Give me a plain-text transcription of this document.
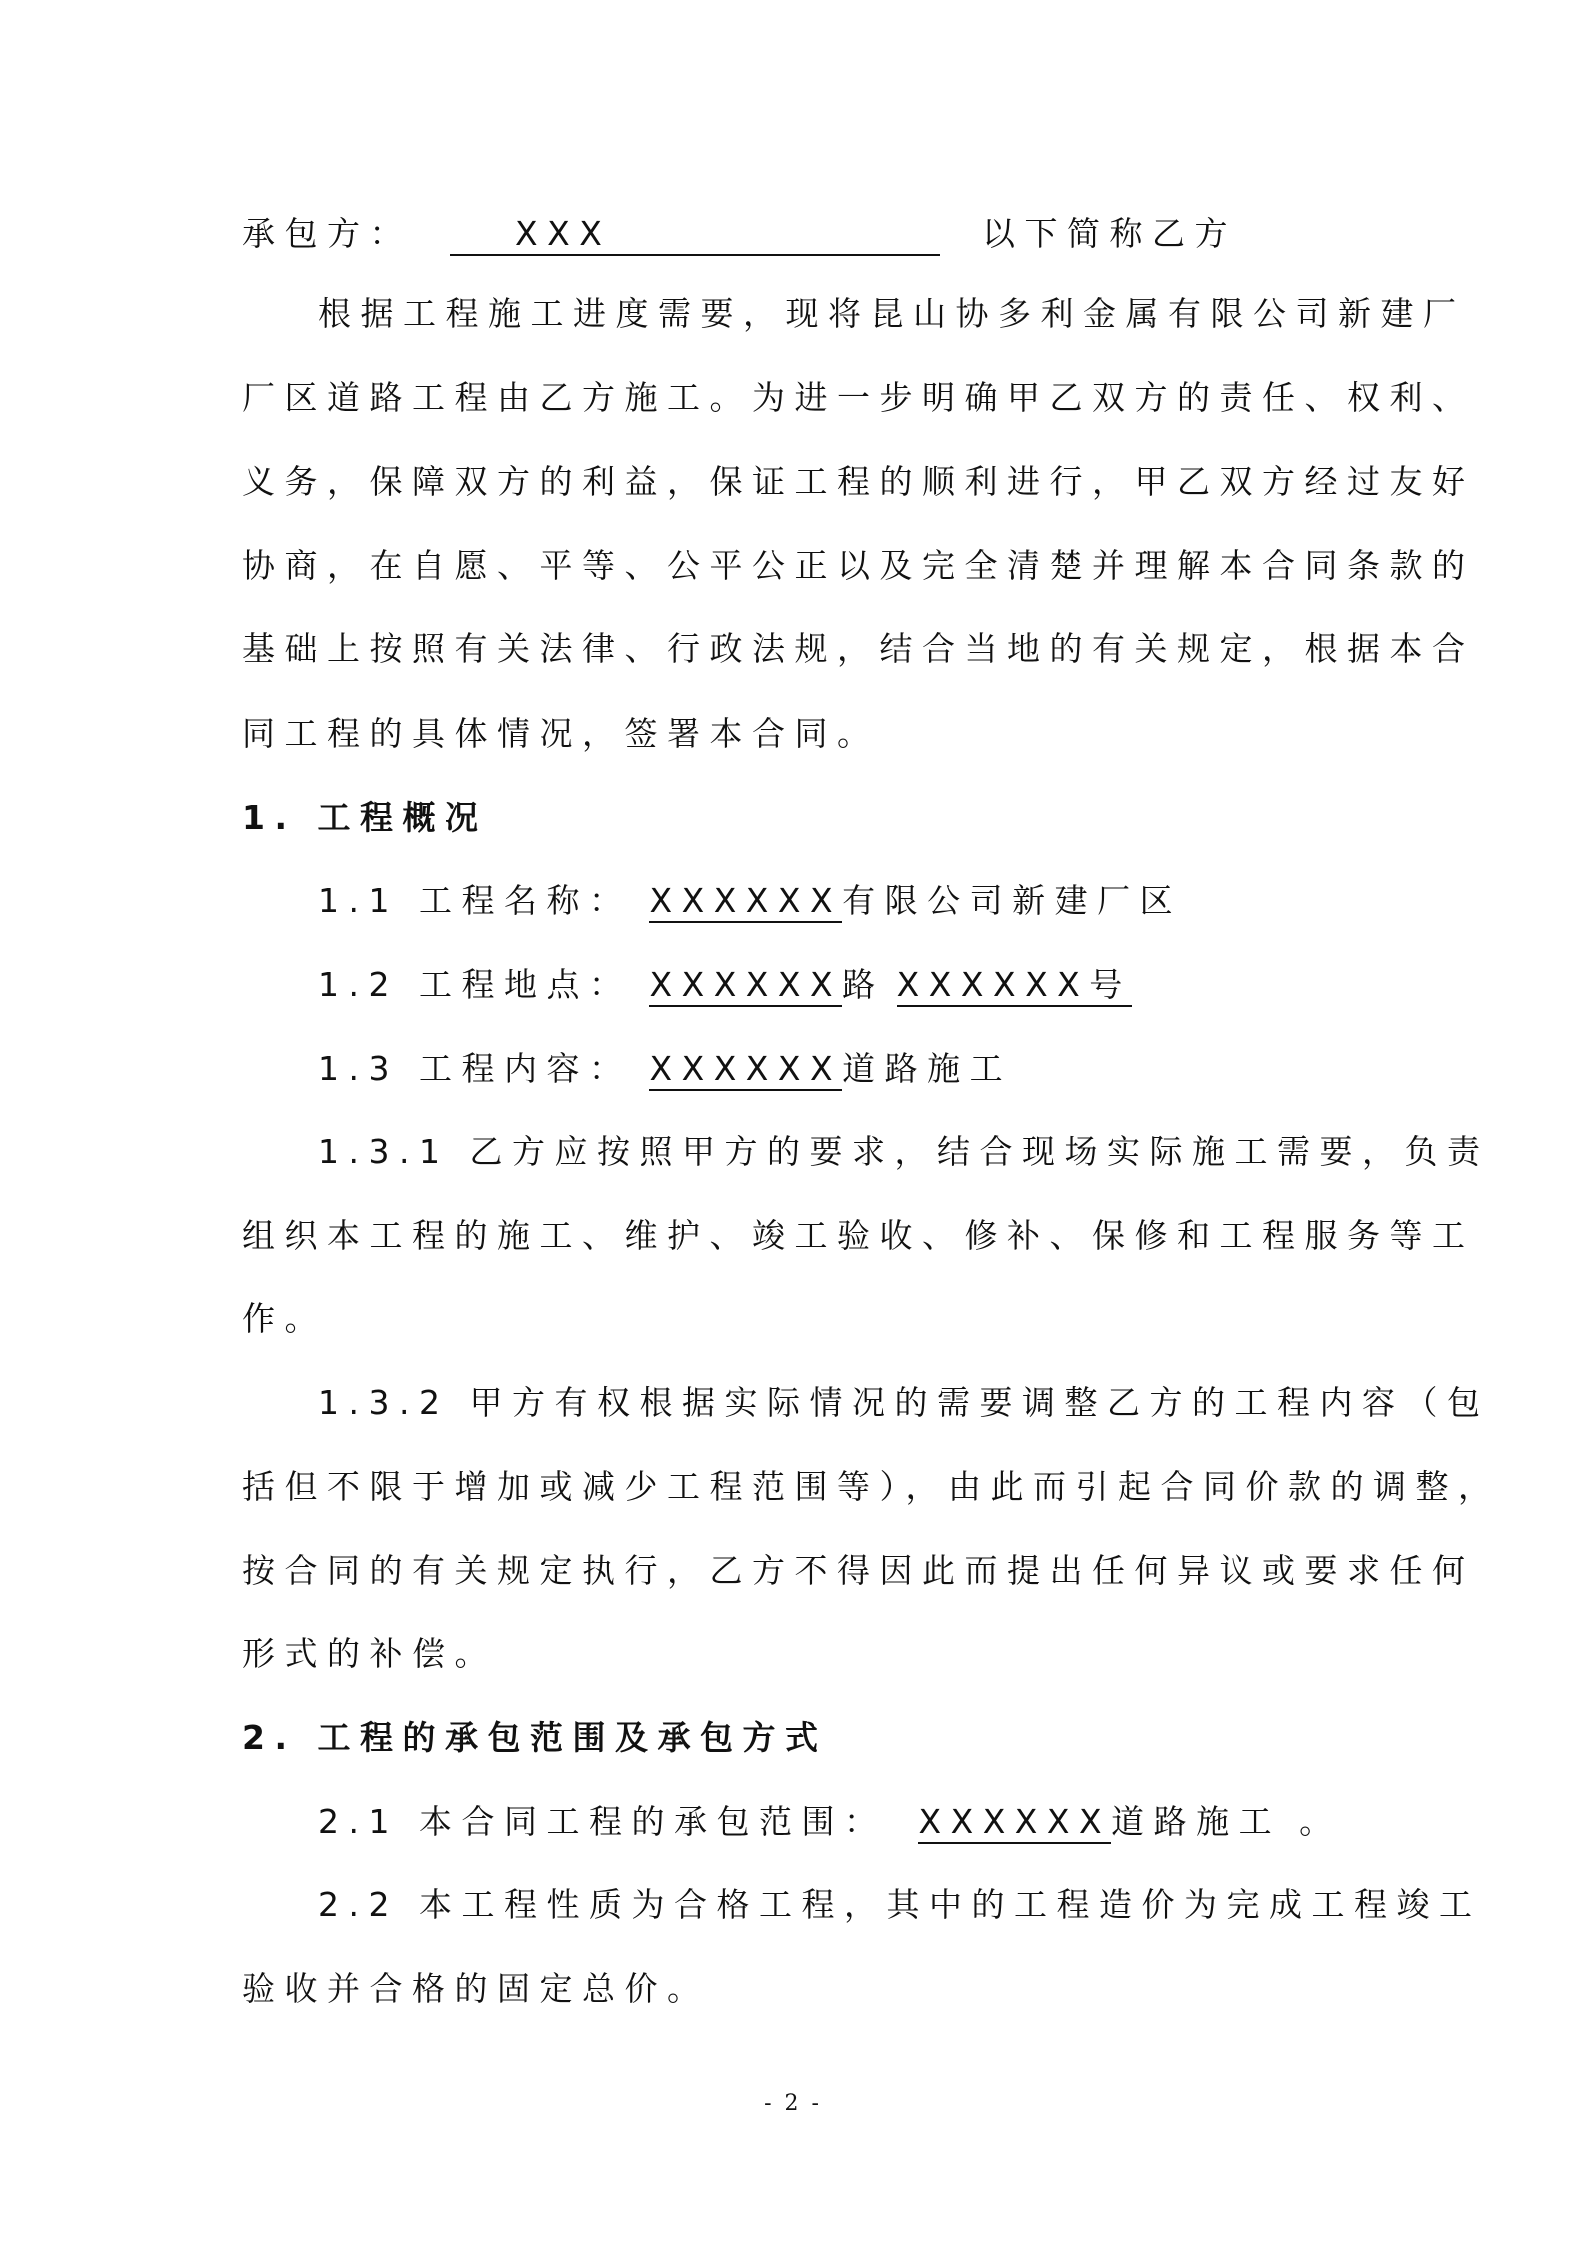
承包方：	XXX	以下简称乙方
根据工程施工进度需要，现将昆山协多利金属有限公司新建厂
厂区道路工程由乙方施工。为进一步明确甲乙双方的责任、权利、
义务，保障双方的利益，保证工程的顺利进行，甲乙双方经过友好
协商，在自愿、平等、公平公正以及完全清楚并理解本合同条款的
基础上按照有关法律、行政法规，结合当地的有关规定，根据本合
同工程的具体情况，签署本合同。
1. 工程概况
1.1 工程名称： XXXXXX有限公司新建厂区
1.2 工程地点： XXXXXX路 XXXXXX号
1.3 工程内容： XXXXXX道路施工
1.3.1 乙方应按照甲方的要求，结合现场实际施工需要，负责
组织本工程的施工、维护、竣工验收、修补、保修和工程服务等工
作。
1.3.2 甲方有权根据实际情况的需要调整乙方的工程内容（包
括但不限于增加或减少工程范围等），由此而引起合同价款的调整，
按合同的有关规定执行，乙方不得因此而提出任何异议或要求任何
形式的补偿。
2. 工程的承包范围及承包方式
2.1 本合同工程的承包范围： XXXXXX道路施工 。
2.2 本工程性质为合格工程，其中的工程造价为完成工程竣工
验收并合格的固定总价。
- 2 -
